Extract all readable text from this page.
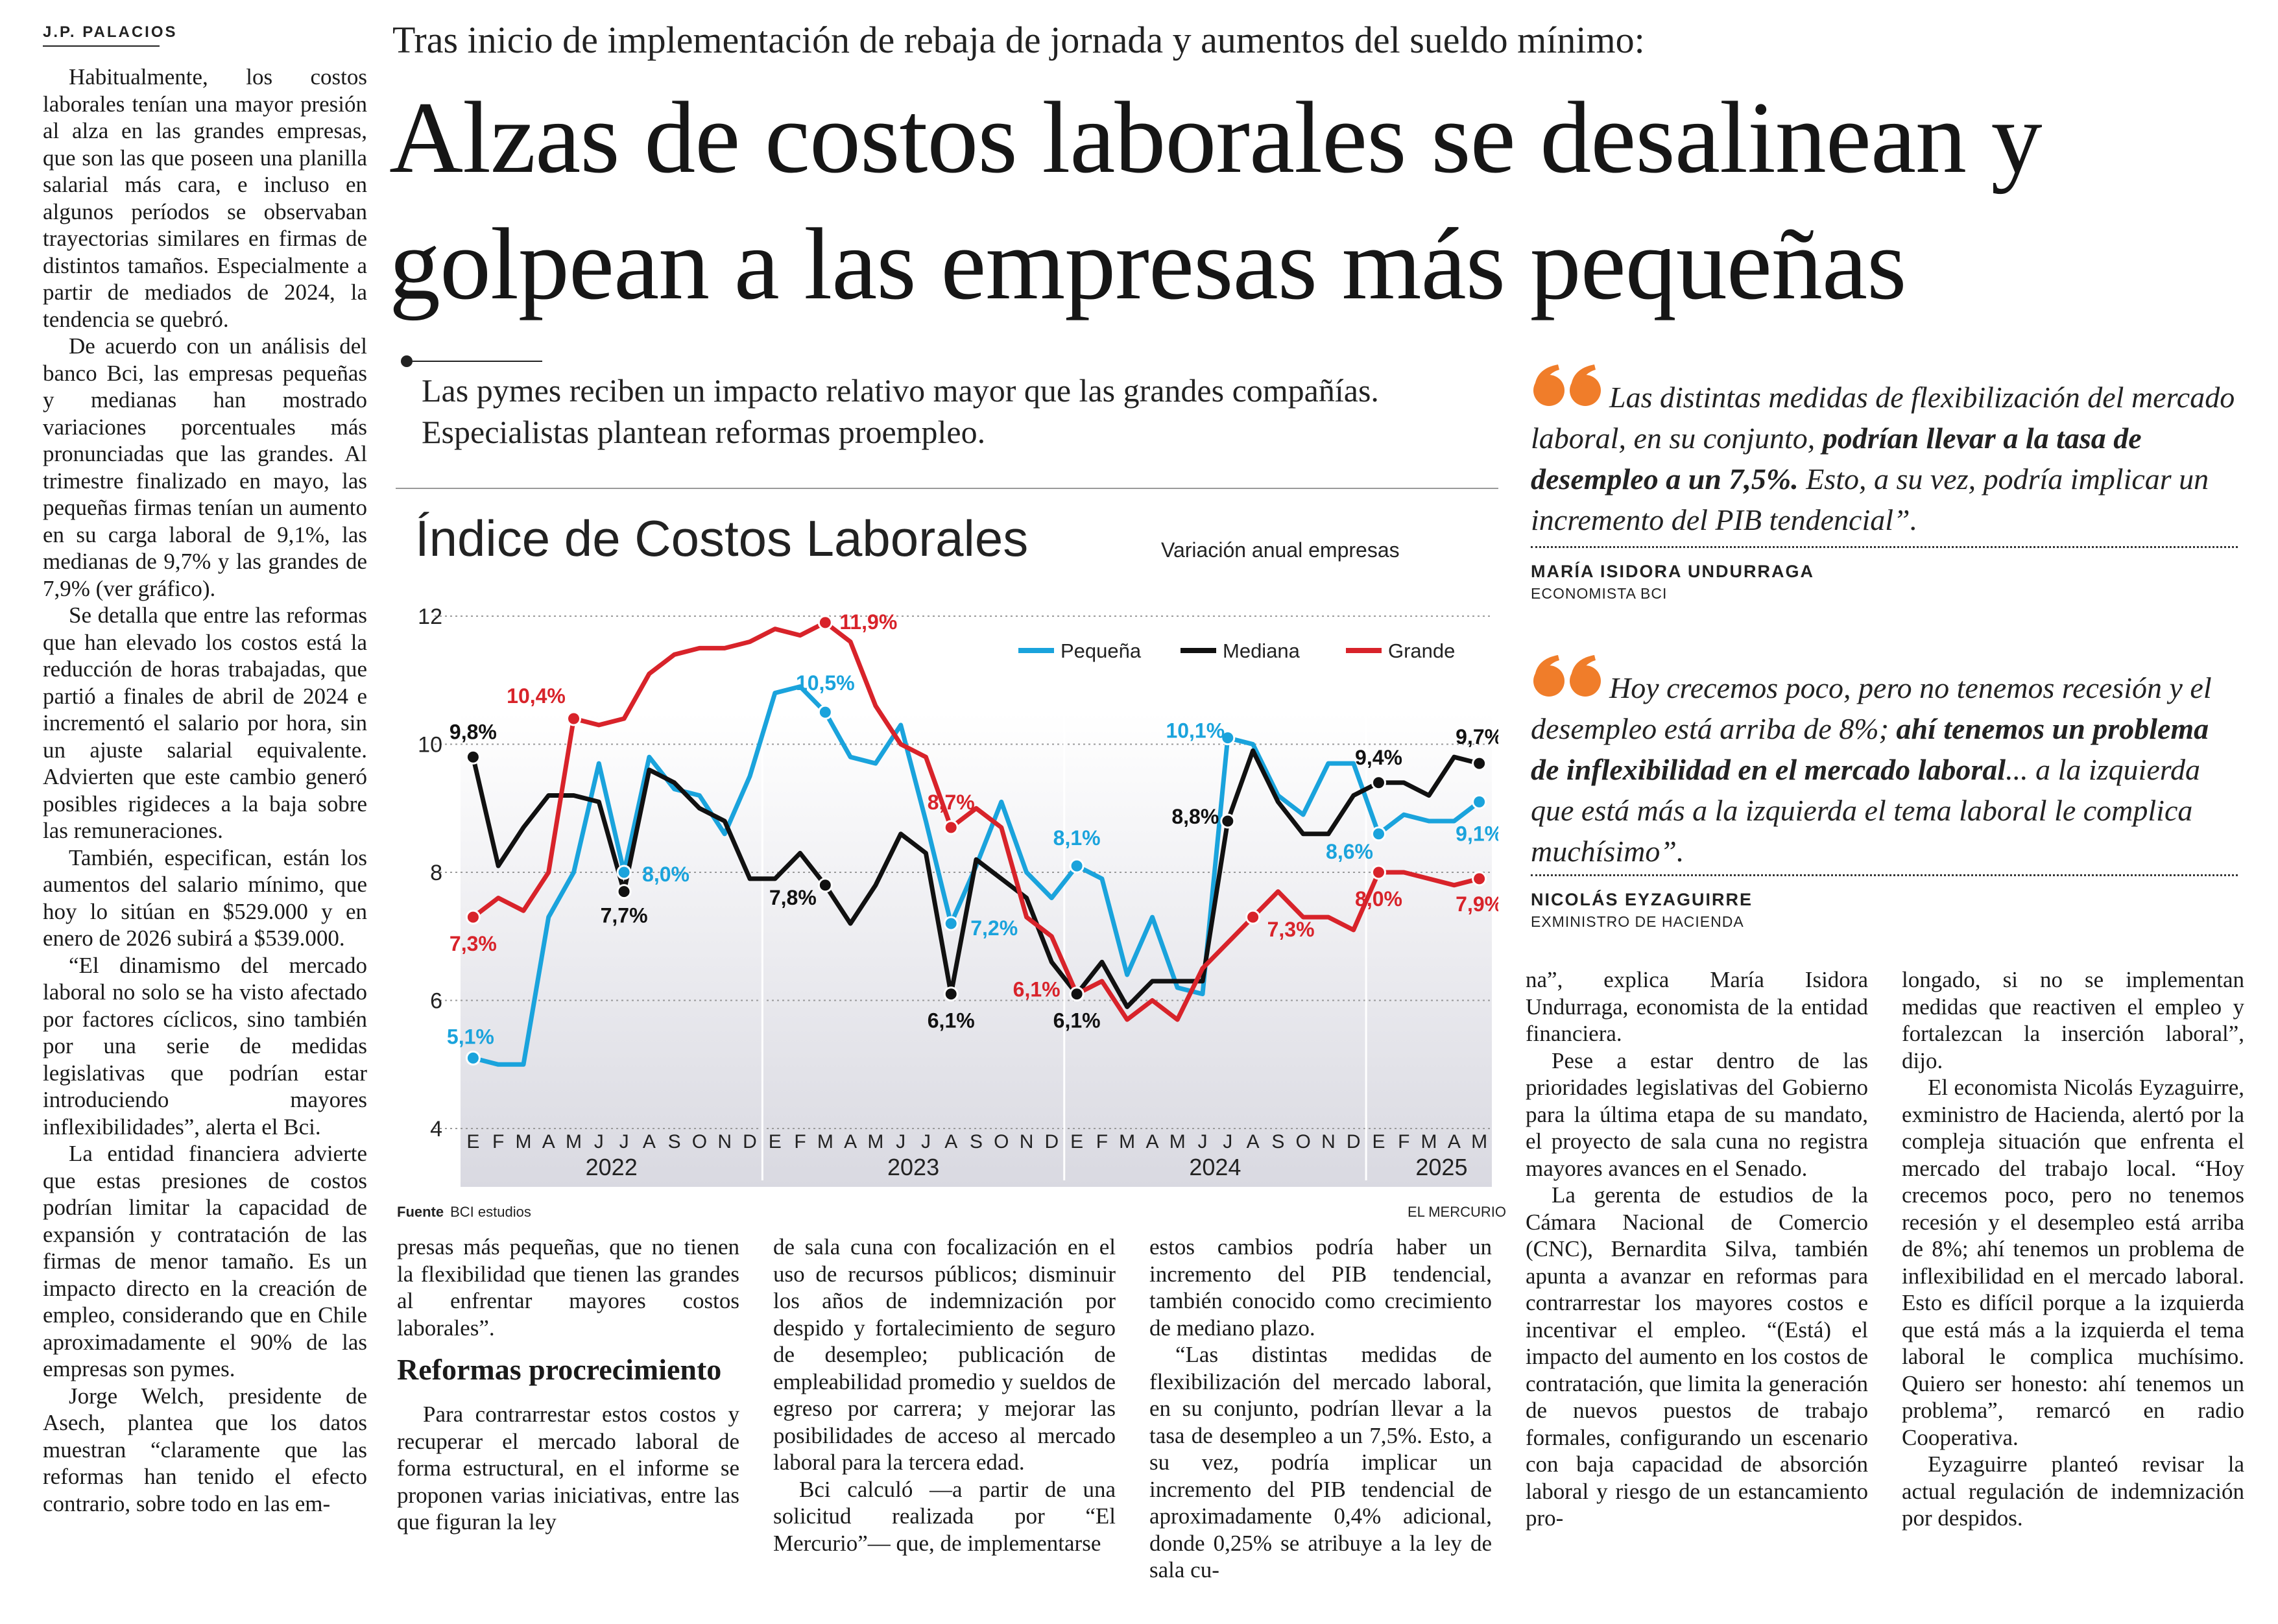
J.P. PALACIOS

Habitualmente, los costos laborales tenían una mayor presión al alza en las grandes empresas, que son las que poseen una planilla salarial más cara, e incluso en algunos períodos se observaban trayectorias similares en firmas de distintos tamaños. Especialmente a partir de mediados de 2024, la tendencia se quebró.

De acuerdo con un análisis del banco Bci, las empresas pequeñas y medianas han mostrado variaciones porcentuales más pronunciadas que las grandes. Al trimestre finalizado en mayo, las pequeñas firmas tenían un aumento en su carga laboral de 9,1%, las medianas de 9,7% y las grandes de 7,9% (ver gráfico).

Se detalla que entre las reformas que han elevado los costos está la reducción de horas trabajadas, que partió a finales de abril de 2024 e incrementó el salario por hora, sin un ajuste salarial equivalente. Advierten que este cambio generó posibles rigideces a la baja sobre las remuneraciones.

También, especifican, están los aumentos del salario mínimo, que hoy lo sitúan en $529.000 y en enero de 2026 subirá a $539.000.

“El dinamismo del mercado laboral no solo se ha visto afectado por factores cíclicos, sino también por una serie de medidas legislativas que podrían estar introduciendo mayores inflexibilidades”, alerta el Bci.

La entidad financiera advierte que estas presiones de costos podrían limitar la capacidad de expansión y contratación de las firmas de menor tamaño. Es un impacto directo en la creación de empleo, considerando que en Chile aproximadamente el 90% de las empresas son pymes.

Jorge Welch, presidente de Asech, plantea que los datos muestran “claramente que las reformas han tenido el efecto contrario, sobre todo en las em-

Tras inicio de implementación de rebaja de jornada y aumentos del sueldo mínimo:
Alzas de costos laborales se desalinean y golpean a las empresas más pequeñas
Las pymes reciben un impacto relativo mayor que las grandes compañías. Especialistas plantean reformas proempleo.
Índice de Costos Laborales	Variación anual empresas
4
6
8
10
12
E F M A M J J A S O N D E F M A M J J A S O N D E F M A M J J A S O N D E F M A M
2022	2023	2024	2025
Pequeña	Mediana	Grande
9,8%
7,3%
5,1%
10,4%
8,0%
7,7%
11,9%
10,5%
7,8%
8,7%
7,2%
6,1%
8,1%
6,1%
6,1%
10,1%
8,8%
7,3%
9,4%
8,6%
8,0%
9,7%
9,1%
7,9%
Fuente BCI estudios	EL MERCURIO

presas más pequeñas, que no tienen la flexibilidad que tienen las grandes al enfrentar mayores costos laborales”.

Reformas procrecimiento

Para contrarrestar estos costos y recuperar el mercado laboral de forma estructural, en el informe se proponen varias iniciativas, entre las que figuran la ley

de sala cuna con focalización en el uso de recursos públicos; disminuir los años de indemnización por despido y fortalecimiento de seguro de desempleo; publicación de empleabilidad promedio y sueldos de egreso por carrera; y mejorar las posibilidades de acceso al mercado laboral para la tercera edad.

Bci calculó —a partir de una solicitud realizada por “El Mercurio”— que, de implementarse

estos cambios podría haber un incremento del PIB tendencial, también conocido como crecimiento de mediano plazo.

“Las distintas medidas de flexibilización del mercado laboral, en su conjunto, podrían llevar a la tasa de desempleo a un 7,5%. Esto, a su vez, podría implicar un incremento del PIB tendencial de aproximadamente 0,4% adicional, donde 0,25% se atribuye a la ley de sala cu-

na”, explica María Isidora Undurraga, economista de la entidad financiera.

Pese a estar dentro de las prioridades legislativas del Gobierno para la última etapa de su mandato, el proyecto de sala cuna no registra mayores avances en el Senado.

La gerenta de estudios de la Cámara Nacional de Comercio (CNC), Bernardita Silva, también apunta a avanzar en reformas para contrarrestar los mayores costos e incentivar el empleo. “(Está) el impacto del aumento en los costos de contratación, que limita la generación de nuevos puestos de trabajo formales, configurando un escenario con baja capacidad de absorción laboral y riesgo de un estancamiento pro-

longado, si no se implementan medidas que reactiven el empleo y fortalezcan la inserción laboral”, dijo.

El economista Nicolás Eyzaguirre, exministro de Hacienda, alertó por la compleja situación que enfrenta el mercado del trabajo local. “Hoy crecemos poco, pero no tenemos recesión y el desempleo está arriba de 8%; ahí tenemos un problema de inflexibilidad en el mercado laboral. Esto es difícil porque a la izquierda que está más a la izquierda el tema laboral le complica muchísimo. Quiero ser honesto: ahí tenemos un problema”, remarcó en radio Cooperativa.

Eyzaguirre planteó revisar la actual regulación de indemnización por despidos.

Las distintas medidas de flexibilización del mercado laboral, en su conjunto, podrían llevar a la tasa de desempleo a un 7,5%. Esto, a su vez, podría implicar un incremento del PIB tendencial”.
MARÍA ISIDORA UNDURRAGA
ECONOMISTA BCI
Hoy crecemos poco, pero no tenemos recesión y el desempleo está arriba de 8%; ahí tenemos un problema de inflexibilidad en el mercado laboral... a la izquierda que está más a la izquierda el tema laboral le complica muchísimo”.
NICOLÁS EYZAGUIRRE
EXMINISTRO DE HACIENDA
